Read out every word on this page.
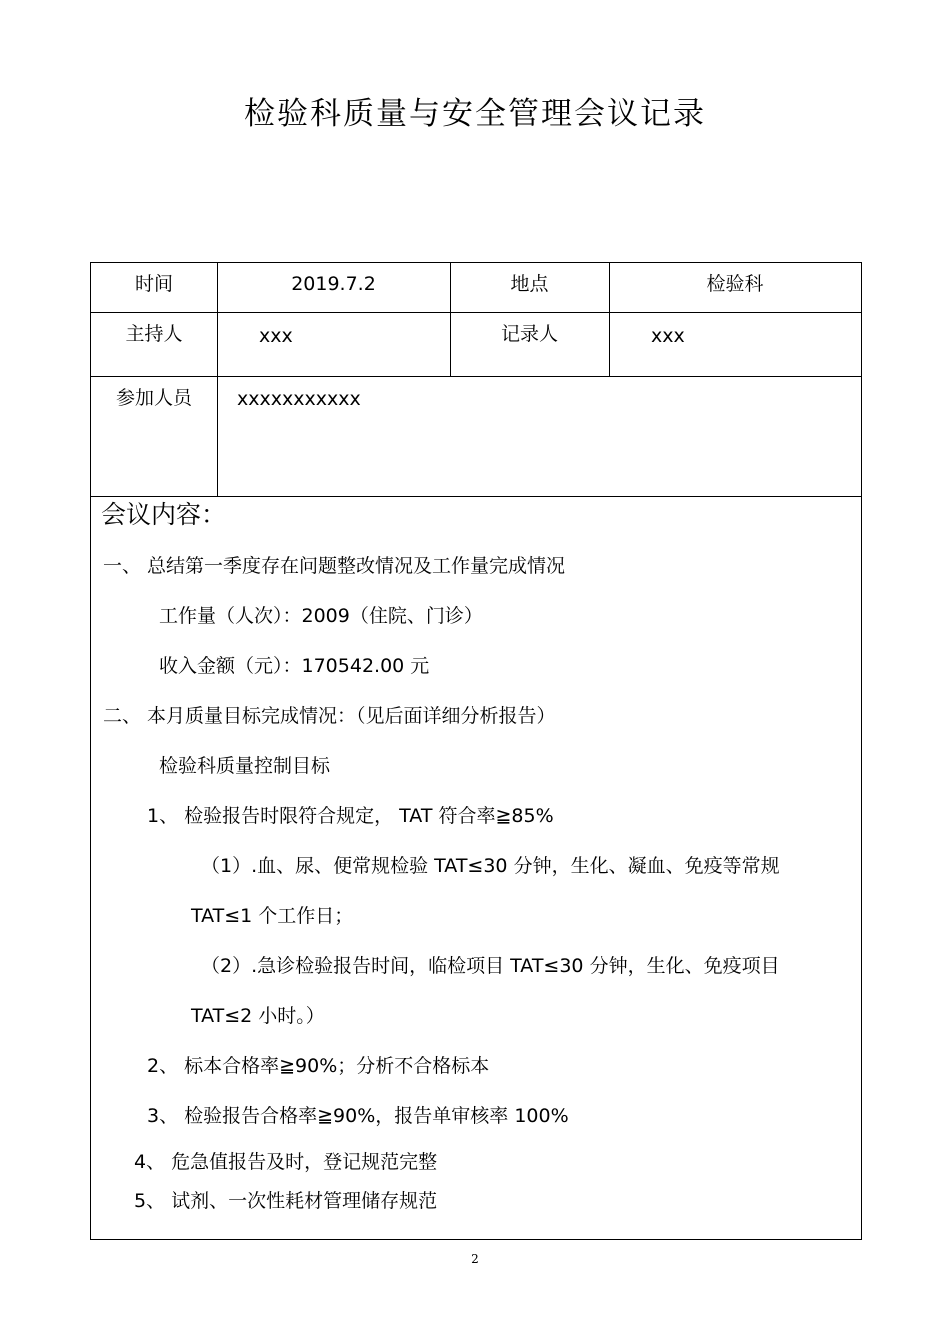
检验科质量与安全管理会议记录
时间	2019.7.2	地点	检验科
主持人	xxx	记录人	xxx
参加人员	xxxxxxxxxxx
会议内容：
一、 总结第一季度存在问题整改情况及工作量完成情况
工作量（人次）：2009（住院、门诊）
收入金额（元）：170542.00 元
二、 本月质量目标完成情况：（见后面详细分析报告）
检验科质量控制目标
1、 检验报告时限符合规定， TAT 符合率≧85%
（1）.血、尿、便常规检验 TAT≤30 分钟，生化、凝血、免疫等常规
TAT≤1 个工作日；
（2）.急诊检验报告时间，临检项目 TAT≤30 分钟，生化、免疫项目
TAT≤2 小时。）
2、 标本合格率≧90%；分析不合格标本
3、 检验报告合格率≧90%，报告单审核率 100%
4、 危急值报告及时，登记规范完整
5、 试剂、一次性耗材管理储存规范
2
